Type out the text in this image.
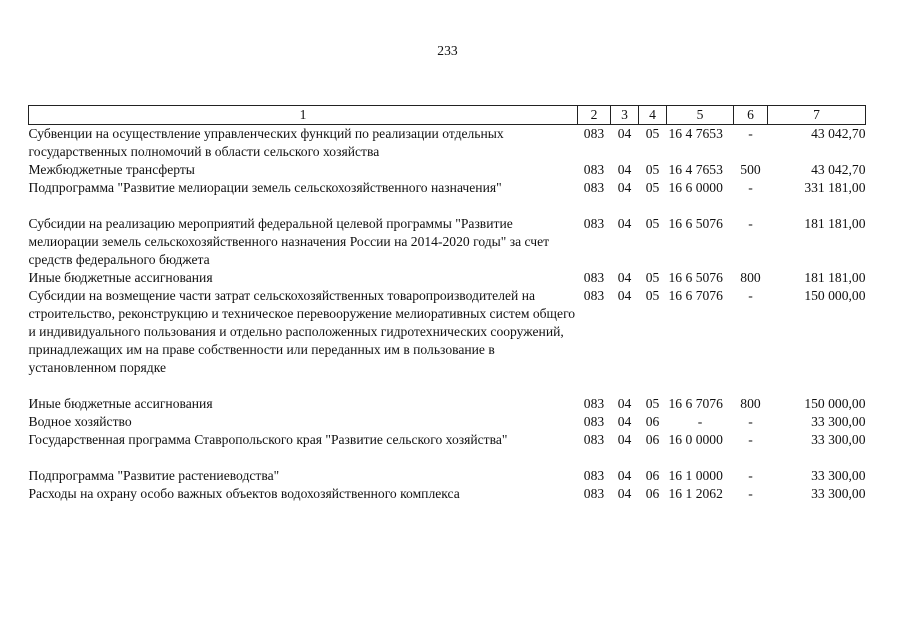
233
1	2	3	4	5	6	7
Субвенции на осуществление управленческих функций по реализации отдельных государственных полномочий в области сельского хозяйства	083	04	05	16 4 7653	-	43 042,70
Межбюджетные трансферты	083	04	05	16 4 7653	500	43 042,70
Подпрограмма "Развитие мелиорации земель сельскохозяйственного назначения"	083	04	05	16 6 0000	-	331 181,00

Субсидии на реализацию мероприятий федеральной целевой программы "Развитие мелиорации земель сельскохозяйственного назначения России на 2014-2020 годы" за счет средств федерального бюджета	083	04	05	16 6 5076	-	181 181,00
Иные бюджетные ассигнования	083	04	05	16 6 5076	800	181 181,00
Субсидии на возмещение части затрат сельскохозяйственных товаропроизводителей на строительство, реконструкцию и техническое перевооружение мелиоративных систем общего и индивидуального пользования и отдельно расположенных гидротехнических сооружений, принадлежащих им на праве собственности или переданных им в пользование в установленном порядке	083	04	05	16 6 7076	-	150 000,00

Иные бюджетные ассигнования	083	04	05	16 6 7076	800	150 000,00
Водное хозяйство	083	04	06	-	-	33 300,00
Государственная программа Ставропольского края "Развитие сельского хозяйства"	083	04	06	16 0 0000	-	33 300,00

Подпрограмма "Развитие растениеводства"	083	04	06	16 1 0000	-	33 300,00
Расходы на охрану особо важных объектов водохозяйственного комплекса	083	04	06	16 1 2062	-	33 300,00
